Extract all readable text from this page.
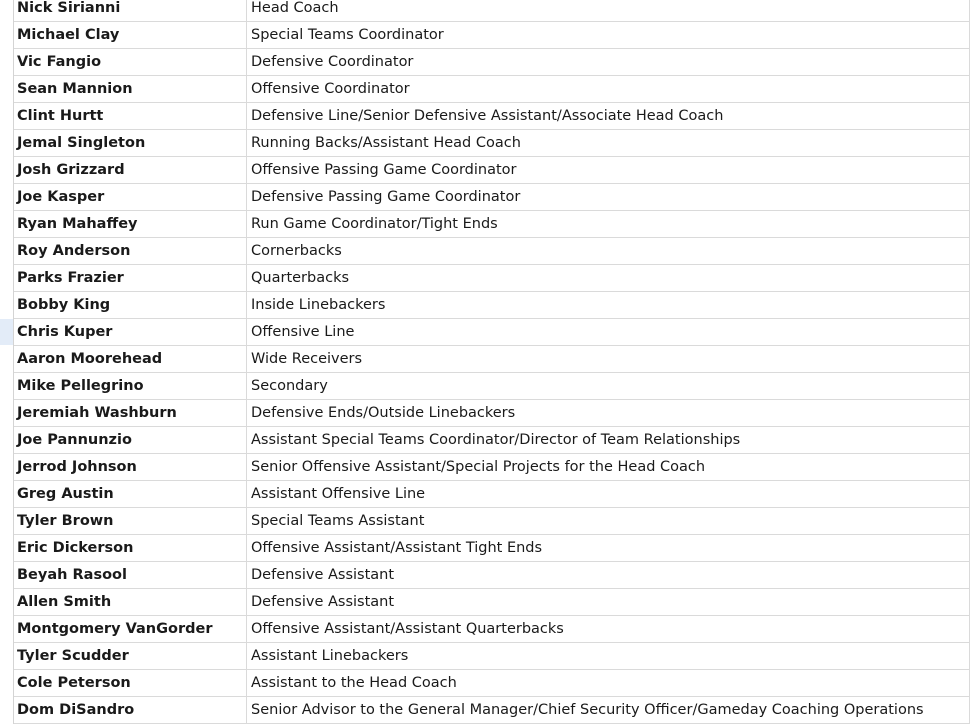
Nick Sirianni	Head Coach
Michael Clay	Special Teams Coordinator
Vic Fangio	Defensive Coordinator
Sean Mannion	Offensive Coordinator
Clint Hurtt	Defensive Line/Senior Defensive Assistant/Associate Head Coach
Jemal Singleton	Running Backs/Assistant Head Coach
Josh Grizzard	Offensive Passing Game Coordinator
Joe Kasper	Defensive Passing Game Coordinator
Ryan Mahaffey	Run Game Coordinator/Tight Ends
Roy Anderson	Cornerbacks
Parks Frazier	Quarterbacks
Bobby King	Inside Linebackers
Chris Kuper	Offensive Line
Aaron Moorehead	Wide Receivers
Mike Pellegrino	Secondary
Jeremiah Washburn	Defensive Ends/Outside Linebackers
Joe Pannunzio	Assistant Special Teams Coordinator/Director of Team Relationships
Jerrod Johnson	Senior Offensive Assistant/Special Projects for the Head Coach
Greg Austin	Assistant Offensive Line
Tyler Brown	Special Teams Assistant
Eric Dickerson	Offensive Assistant/Assistant Tight Ends
Beyah Rasool	Defensive Assistant
Allen Smith	Defensive Assistant
Montgomery VanGorder	Offensive Assistant/Assistant Quarterbacks
Tyler Scudder	Assistant Linebackers
Cole Peterson	Assistant to the Head Coach
Dom DiSandro	Senior Advisor to the General Manager/Chief Security Officer/Gameday Coaching Operations
